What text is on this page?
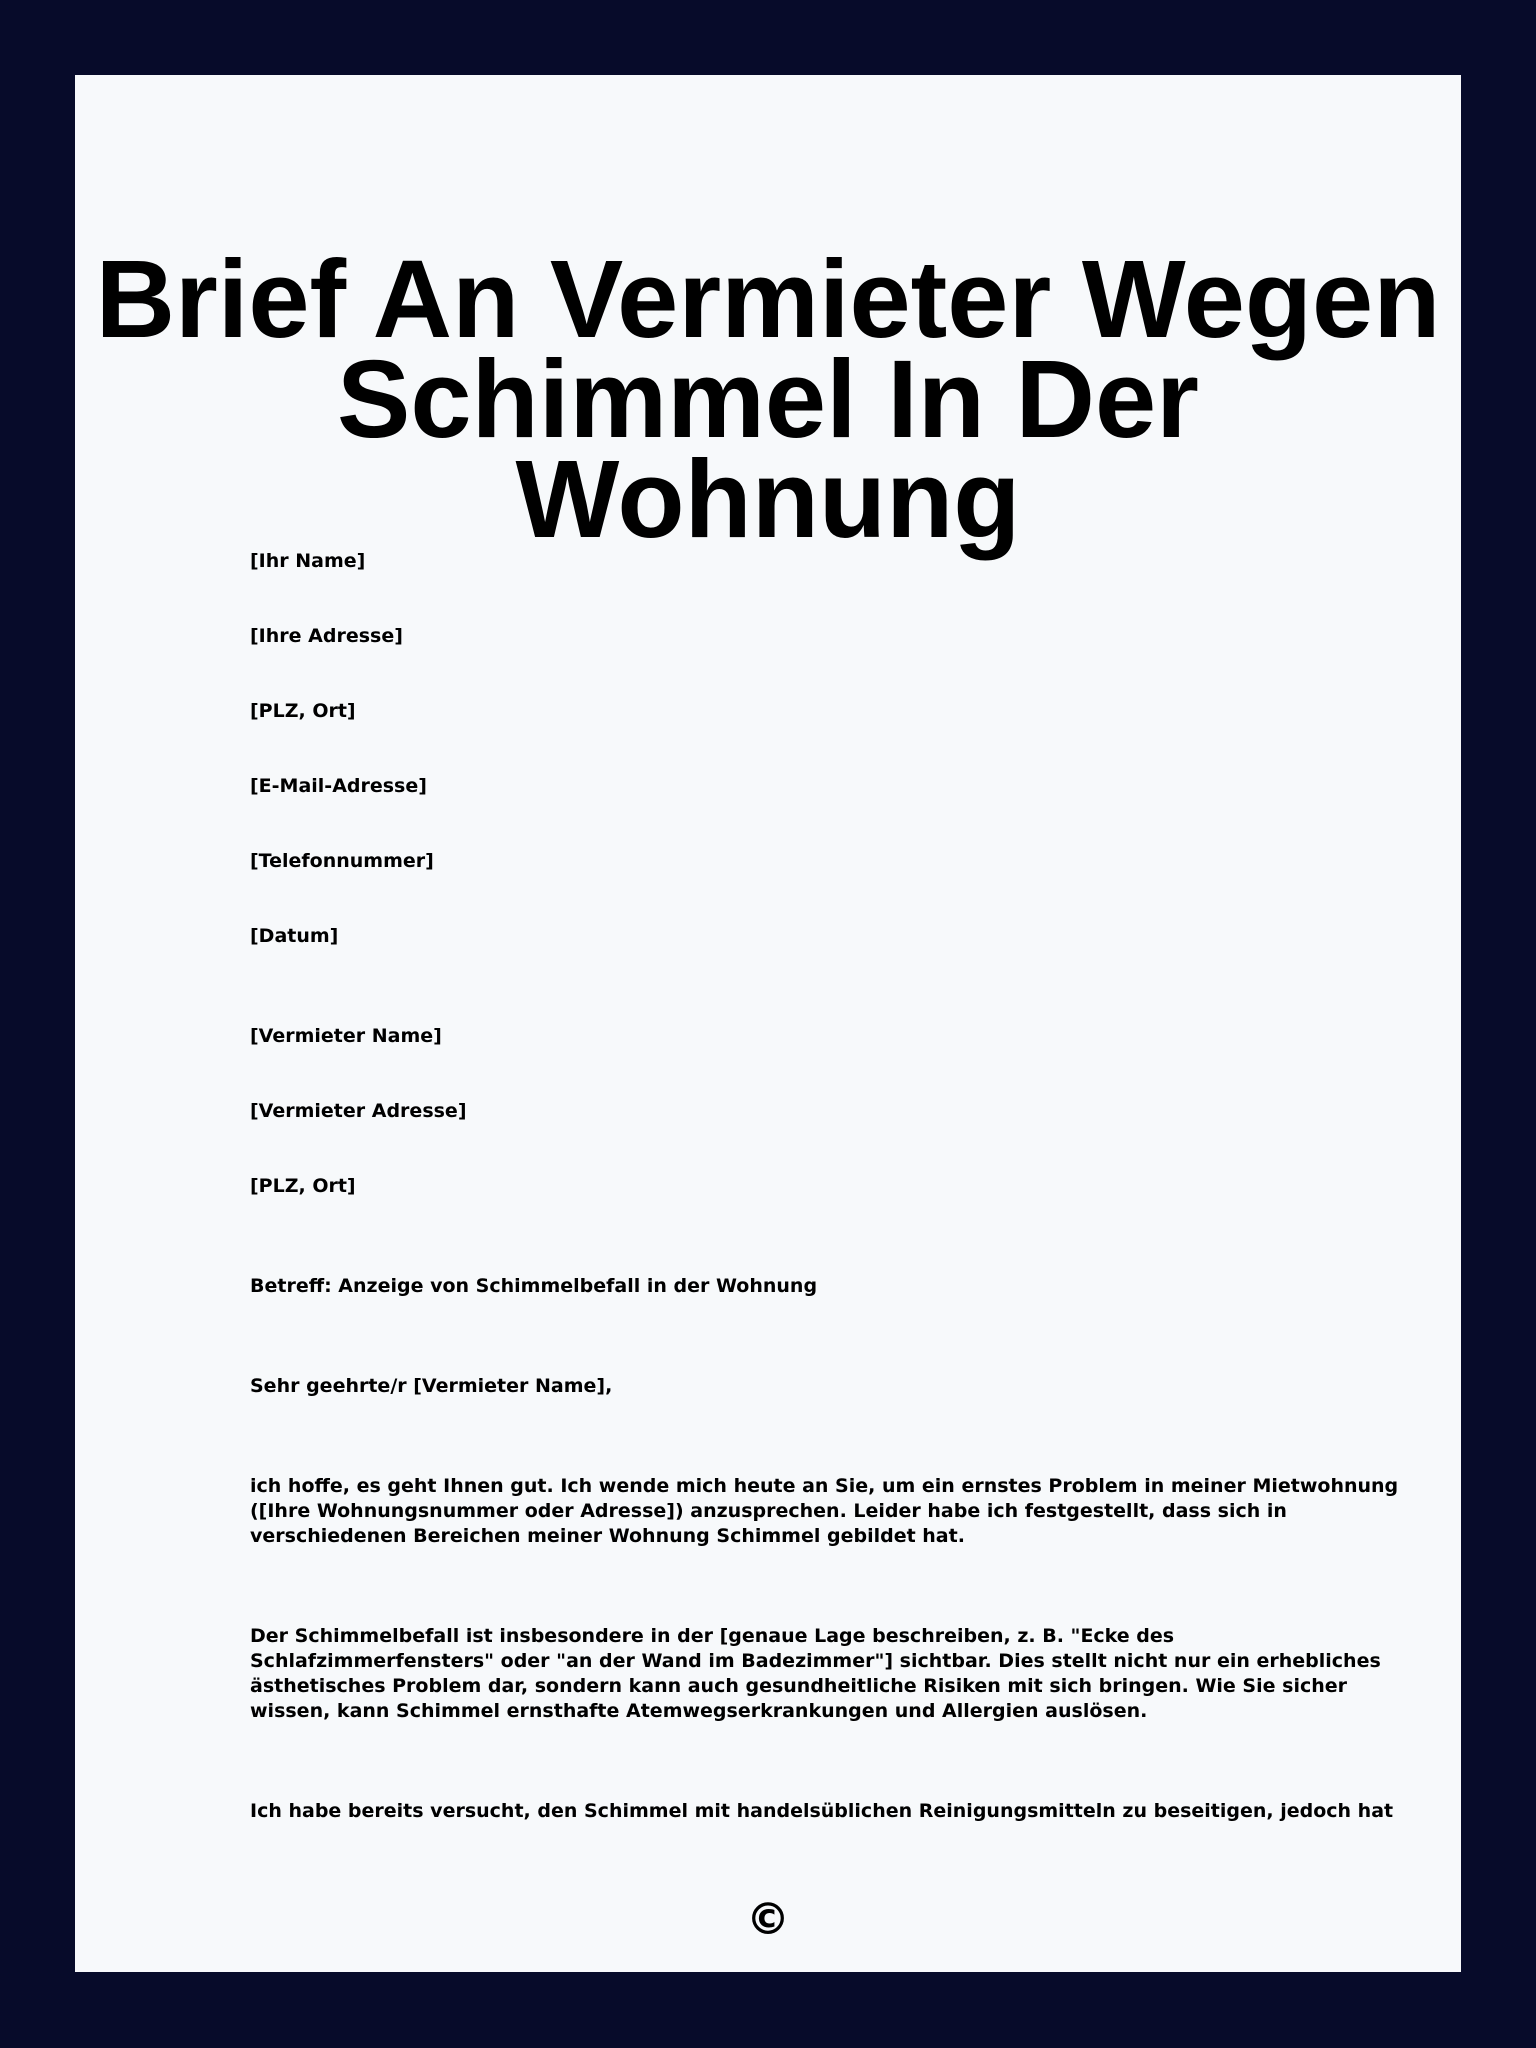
Brief An Vermieter Wegen
Schimmel In Der Wohnung

[Ihr Name]

[Ihre Adresse]

[PLZ, Ort]

[E-Mail-Adresse]

[Telefonnummer]

[Datum]

[Vermieter Name]

[Vermieter Adresse]

[PLZ, Ort]

Betreff: Anzeige von Schimmelbefall in der Wohnung

Sehr geehrte/r [Vermieter Name],

ich hoffe, es geht Ihnen gut. Ich wende mich heute an Sie, um ein ernstes Problem in meiner Mietwohnung
([Ihre Wohnungsnummer oder Adresse]) anzusprechen. Leider habe ich festgestellt, dass sich in
verschiedenen Bereichen meiner Wohnung Schimmel gebildet hat.
Der Schimmelbefall ist insbesondere in der [genaue Lage beschreiben, z. B. "Ecke des
Schlafzimmerfensters" oder "an der Wand im Badezimmer"] sichtbar. Dies stellt nicht nur ein erhebliches
ästhetisches Problem dar, sondern kann auch gesundheitliche Risiken mit sich bringen. Wie Sie sicher
wissen, kann Schimmel ernsthafte Atemwegserkrankungen und Allergien auslösen.
Ich habe bereits versucht, den Schimmel mit handelsüblichen Reinigungsmitteln zu beseitigen, jedoch hat
©
